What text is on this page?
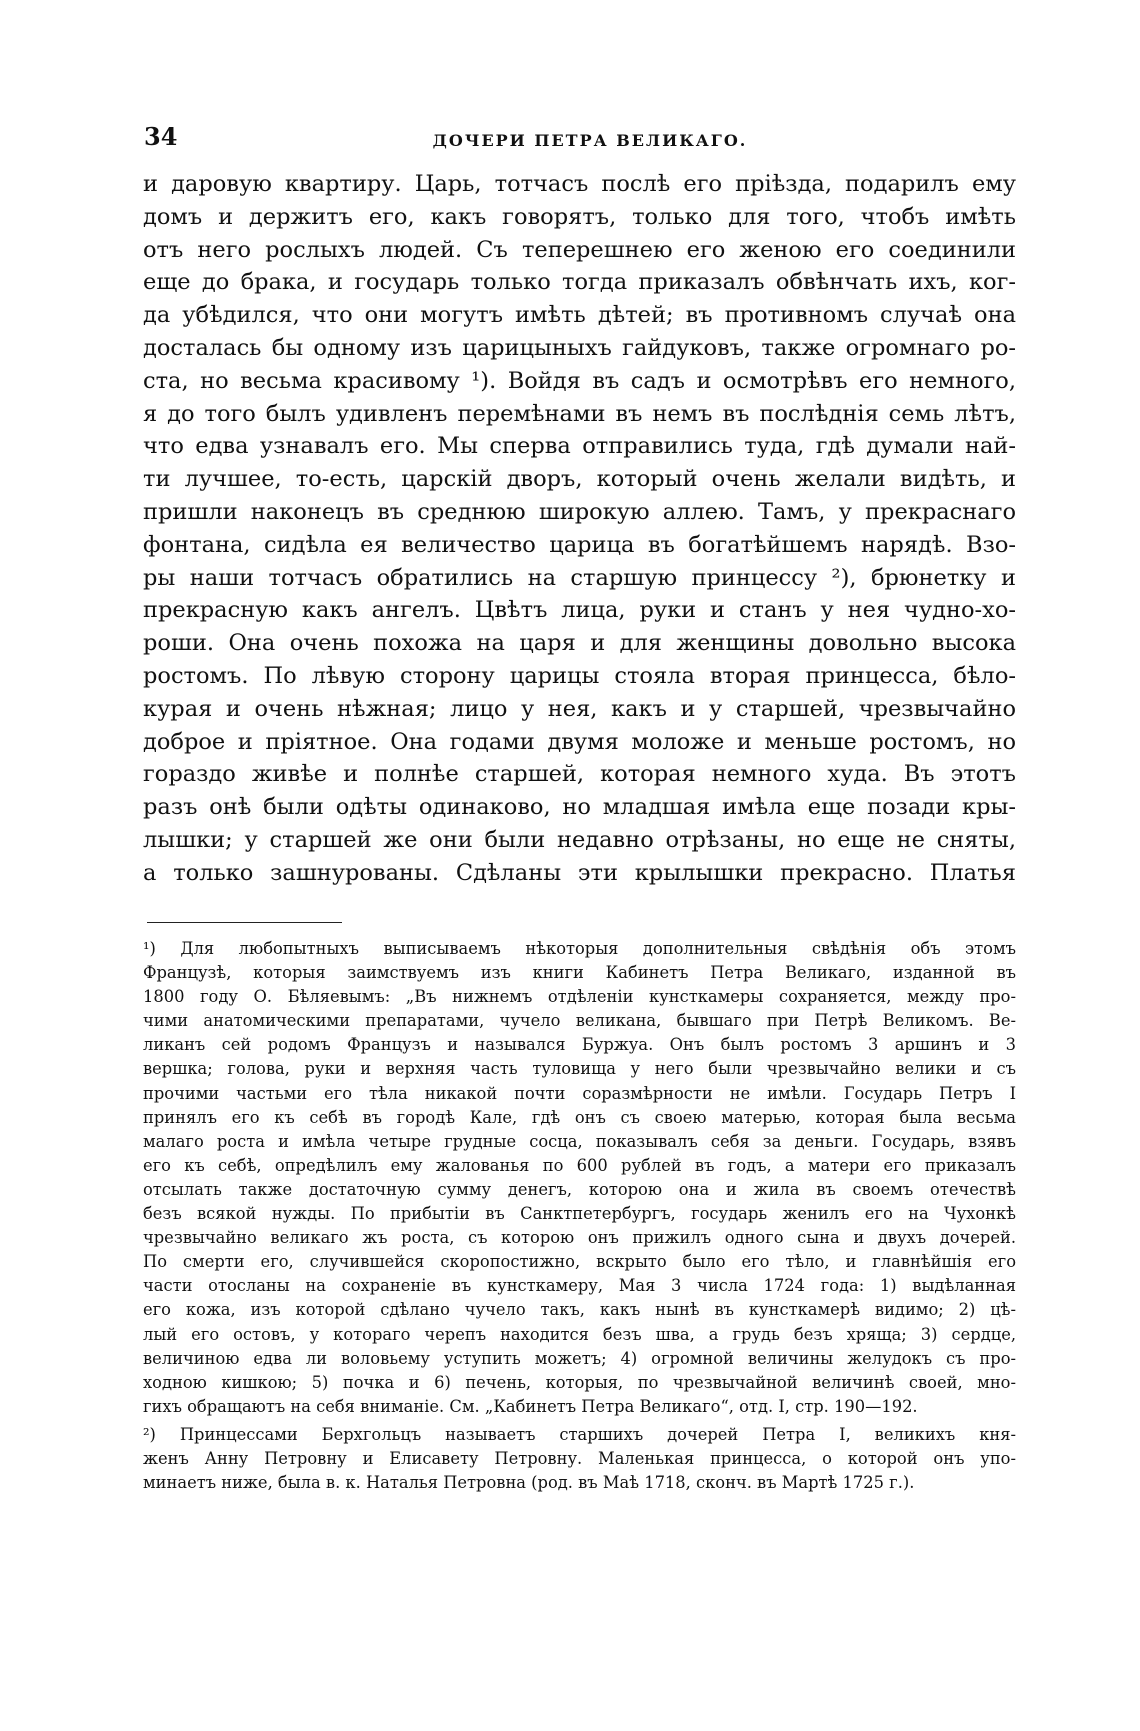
34	ДОЧЕРИ ПЕТРА ВЕЛИКАГО.
и даровую квартиру. Царь, тотчасъ послѣ его пріѣзда, подарилъ ему
домъ и держитъ его, какъ говорятъ, только для того, чтобъ имѣть
отъ него рослыхъ людей. Съ теперешнею его женою его соединили
еще до брака, и государь только тогда приказалъ обвѣнчать ихъ, ког-
да убѣдился, что они могутъ имѣть дѣтей; въ противномъ случаѣ она
досталась бы одному изъ царицыныхъ гайдуковъ, также огромнаго ро-
ста, но весьма красивому ¹). Войдя въ садъ и осмотрѣвъ его немного,
я до того былъ удивленъ перемѣнами въ немъ въ послѣднія семь лѣтъ,
что едва узнавалъ его. Мы сперва отправились туда, гдѣ думали най-
ти лучшее, то-есть, царскій дворъ, который очень желали видѣть, и
пришли наконецъ въ среднюю широкую аллею. Тамъ, у прекраснаго
фонтана, сидѣла ея величество царица въ богатѣйшемъ нарядѣ. Взо-
ры наши тотчасъ обратились на старшую принцессу ²), брюнетку и
прекрасную какъ ангелъ. Цвѣтъ лица, руки и станъ у нея чудно-хо-
роши. Она очень похожа на царя и для женщины довольно высока
ростомъ. По лѣвую сторону царицы стояла вторая принцесса, бѣло-
курая и очень нѣжная; лицо у нея, какъ и у старшей, чрезвычайно
доброе и пріятное. Она годами двумя моложе и меньше ростомъ, но
гораздо живѣе и полнѣе старшей, которая немного худа. Въ этотъ
разъ онѣ были одѣты одинаково, но младшая имѣла еще позади кры-
лышки; у старшей же они были недавно отрѣзаны, но еще не сняты,
а только зашнурованы. Сдѣланы эти крылышки прекрасно. Платья
¹) Для любопытныхъ выписываемъ нѣкоторыя дополнительныя свѣдѣнія объ этомъ
Французѣ, которыя заимствуемъ изъ книги Кабинетъ Петра Великаго, изданной въ
1800 году О. Бѣляевымъ: „Въ нижнемъ отдѣленіи кунсткамеры сохраняется, между про-
чими анатомическими препаратами, чучело великана, бывшаго при Петрѣ Великомъ. Ве-
ликанъ сей родомъ Французъ и назывался Буржуа. Онъ былъ ростомъ 3 аршинъ и 3
вершка; голова, руки и верхняя часть туловища у него были чрезвычайно велики и съ
прочими частьми его тѣла никакой почти соразмѣрности не имѣли. Государь Петръ I
принялъ его къ себѣ въ городѣ Кале, гдѣ онъ съ своею матерью, которая была весьма
малаго роста и имѣла четыре грудные сосца, показывалъ себя за деньги. Государь, взявъ
его къ себѣ, опредѣлилъ ему жалованья по 600 рублей въ годъ, а матери его приказалъ
отсылать также достаточную сумму денегъ, которою она и жила въ своемъ отечествѣ
безъ всякой нужды. По прибытіи въ Санктпетербургъ, государь женилъ его на Чухонкѣ
чрезвычайно великаго жъ роста, съ которою онъ прижилъ одного сына и двухъ дочерей.
По смерти его, случившейся скоропостижно, вскрыто было его тѣло, и главнѣйшія его
части отосланы на сохраненіе въ кунсткамеру, Мая 3 числа 1724 года: 1) выдѣланная
его кожа, изъ которой сдѣлано чучело такъ, какъ нынѣ въ кунсткамерѣ видимо; 2) цѣ-
лый его остовъ, у котораго черепъ находится безъ шва, а грудь безъ хряща; 3) сердце,
величиною едва ли воловьему уступить можетъ; 4) огромной величины желудокъ съ про-
ходною кишкою; 5) почка и 6) печень, которыя, по чрезвычайной величинѣ своей, мно-
гихъ обращаютъ на себя вниманіе. См. „Кабинетъ Петра Великаго“, отд. I, стр. 190—192.
²) Принцессами Берхгольцъ называетъ старшихъ дочерей Петра I, великихъ кня-
женъ Анну Петровну и Елисавету Петровну. Маленькая принцесса, о которой онъ упо-
минаетъ ниже, была в. к. Наталья Петровна (род. въ Маѣ 1718, сконч. въ Мартѣ 1725 г.).
